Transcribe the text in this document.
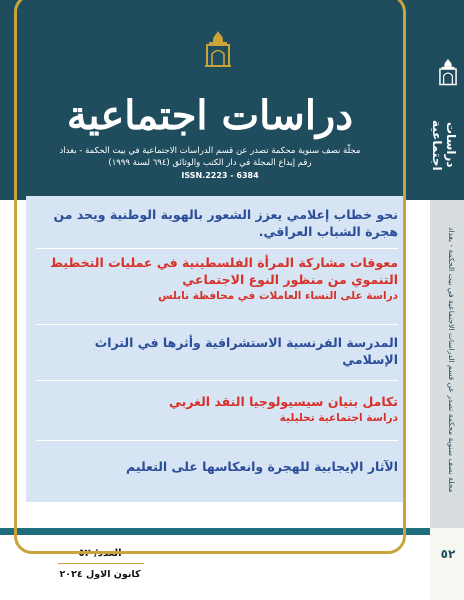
دراسات اجتماعية
مجلّة نصف سنوية محكمة تصدر عن قسم الدراسات الاجتماعية في بيت الحكمة - بغداد
رقم إيداع المجلة في دار الكتب والوثائق (٦٩٤ لسنة ١٩٩٩)
ISSN.2223 - 6384
نحو خطاب إعلامي يعزز الشعور بالهوية الوطنية ويحد من هجرة الشباب العراقي.
معوقات مشاركة المرأة الفلسطينية في عمليات التخطيط التنموي من منظور النوع الاجتماعي
دراسة على النساء العاملات في محافظة نابلس
المدرسة الفرنسية الاستشراقية وأثرها في التراث الإسلامي
تكامل بنيان سيسيولوجيا النقد الغربي
دراسة اجتماعية تحليلية
الآثار الإيجابية للهجرة وانعكاسها على التعليم
العدد/ ٥٢
كانون الاول ٢٠٢٤
دراسات اجتماعية
مجلة نصف سنوية محكمة تصدر عن قسم الدراسات الاجتماعية في بيت الحكمة - بغداد
٥٢
